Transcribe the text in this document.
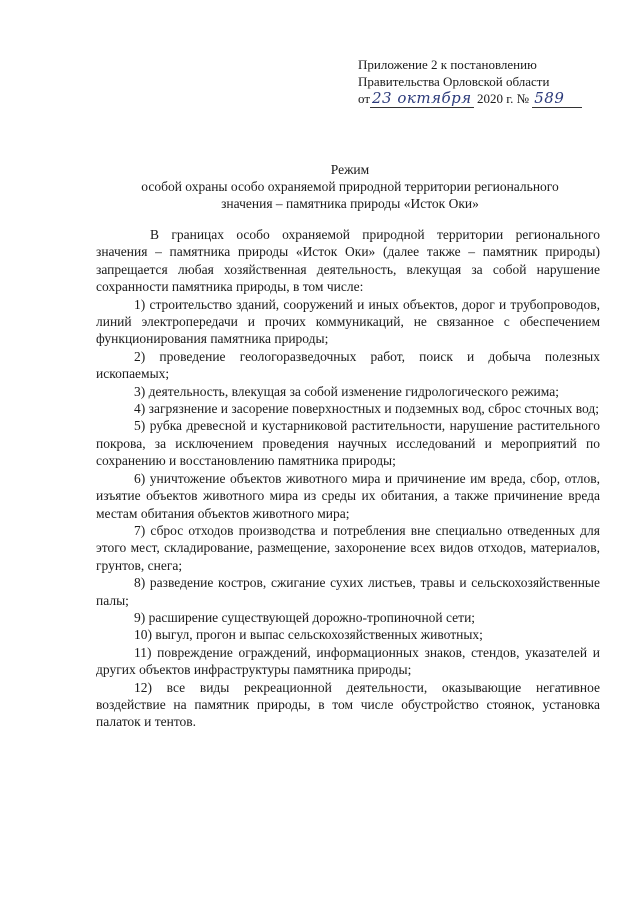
Приложение 2 к постановлению
Правительства Орловской области
от 23 октября 2020 г. № 589
Режим
особой охраны особо охраняемой природной территории регионального
значения – памятника природы «Исток Оки»

В границах особо охраняемой природной территории регионального значения – памятника природы «Исток Оки» (далее также – памятник природы) запрещается любая хозяйственная деятельность, влекущая за собой нарушение сохранности памятника природы, в том числе:

1) строительство зданий, сооружений и иных объектов, дорог и трубопроводов, линий электропередачи и прочих коммуникаций, не связанное с обеспечением функционирования памятника природы;

2) проведение геологоразведочных работ, поиск и добыча полезных ископаемых;

3) деятельность, влекущая за собой изменение гидрологического режима;

4) загрязнение и засорение поверхностных и подземных вод, сброс сточных вод;

5) рубка древесной и кустарниковой растительности, нарушение растительного покрова, за исключением проведения научных исследований и мероприятий по сохранению и восстановлению памятника природы;

6) уничтожение объектов животного мира и причинение им вреда, сбор, отлов, изъятие объектов животного мира из среды их обитания, а также причинение вреда местам обитания объектов животного мира;

7) сброс отходов производства и потребления вне специально отведенных для этого мест, складирование, размещение, захоронение всех видов отходов, материалов, грунтов, снега;

8) разведение костров, сжигание сухих листьев, травы и сельскохозяйственные палы;

9) расширение существующей дорожно-тропиночной сети;

10) выгул, прогон и выпас сельскохозяйственных животных;

11) повреждение ограждений, информационных знаков, стендов, указателей и других объектов инфраструктуры памятника природы;

12) все виды рекреационной деятельности, оказывающие негативное воздействие на памятник природы, в том числе обустройство стоянок, установка палаток и тентов.
